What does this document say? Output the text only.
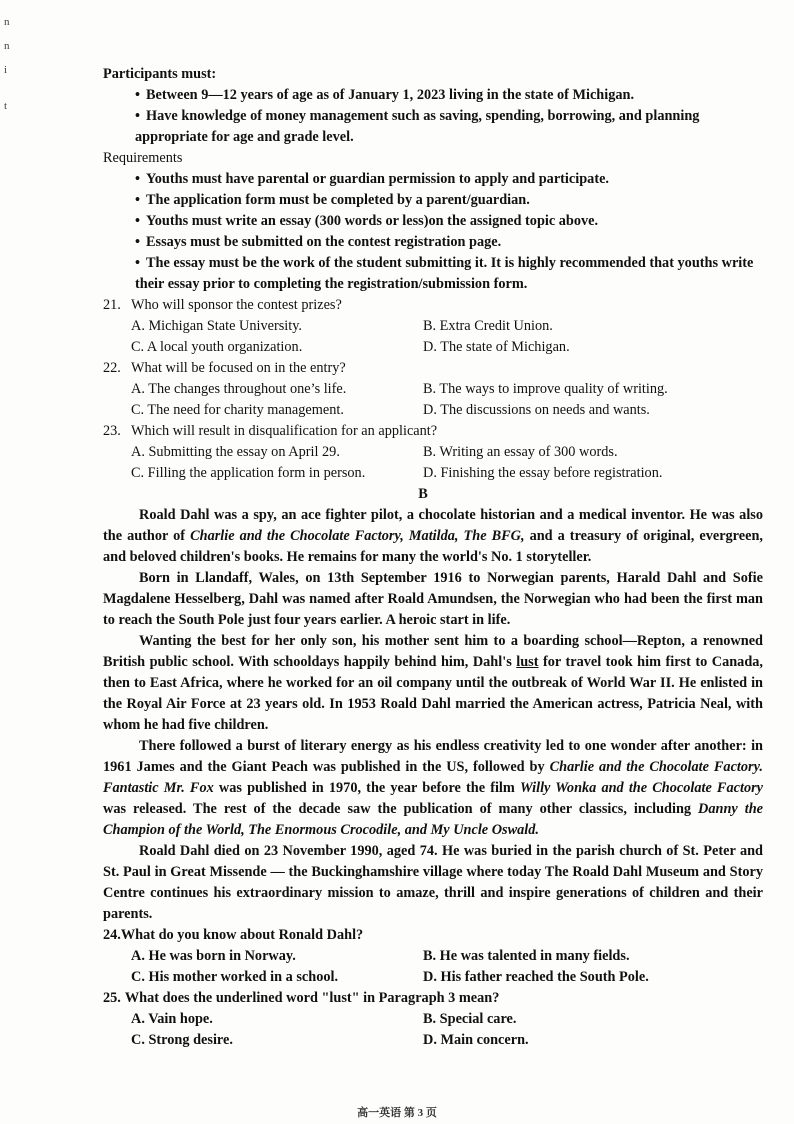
n
n
i
t

Participants must:

• Between 9—12 years of age as of January 1, 2023 living in the state of Michigan.

• Have knowledge of money management such as saving, spending, borrowing, and planning appropriate for age and grade level.

Requirements

• Youths must have parental or guardian permission to apply and participate.

• The application form must be completed by a parent/guardian.

• Youths must write an essay (300 words or less)on the assigned topic above.

• Essays must be submitted on the contest registration page.

• The essay must be the work of the student submitting it. It is highly recommended that youths write their essay prior to completing the registration/submission form.

21. Who will sponsor the contest prizes?
A. Michigan State University.	B. Extra Credit Union.
C. A local youth organization.	D. The state of Michigan.
22. What will be focused on in the entry?
A. The changes throughout one’s life.	B. The ways to improve quality of writing.
C. The need for charity management.	D. The discussions on needs and wants.
23. Which will result in disqualification for an applicant?
A. Submitting the essay on April 29.	B. Writing an essay of 300 words.
C. Filling the application form in person.	D. Finishing the essay before registration.

B

Roald Dahl was a spy, an ace fighter pilot, a chocolate historian and a medical inventor. He was also the author of Charlie and the Chocolate Factory, Matilda, The BFG, and a treasury of original, evergreen, and beloved children's books. He remains for many the world's No. 1 storyteller.

Born in Llandaff, Wales, on 13th September 1916 to Norwegian parents, Harald Dahl and Sofie Magdalene Hesselberg, Dahl was named after Roald Amundsen, the Norwegian who had been the first man to reach the South Pole just four years earlier. A heroic start in life.

Wanting the best for her only son, his mother sent him to a boarding school—Repton, a renowned British public school. With schooldays happily behind him, Dahl's lust for travel took him first to Canada, then to East Africa, where he worked for an oil company until the outbreak of World War II. He enlisted in the Royal Air Force at 23 years old. In 1953 Roald Dahl married the American actress, Patricia Neal, with whom he had five children.

There followed a burst of literary energy as his endless creativity led to one wonder after another: in 1961 James and the Giant Peach was published in the US, followed by Charlie and the Chocolate Factory. Fantastic Mr. Fox was published in 1970, the year before the film Willy Wonka and the Chocolate Factory was released. The rest of the decade saw the publication of many other classics, including Danny the Champion of the World, The Enormous Crocodile, and My Uncle Oswald.

Roald Dahl died on 23 November 1990, aged 74. He was buried in the parish church of St. Peter and St. Paul in Great Missende — the Buckinghamshire village where today The Roald Dahl Museum and Story Centre continues his extraordinary mission to amaze, thrill and inspire generations of children and their parents.

24. What do you know about Ronald Dahl?
A. He was born in Norway.	B. He was talented in many fields.
C. His mother worked in a school.	D. His father reached the South Pole.
25. What does the underlined word "lust" in Paragraph 3 mean?
A. Vain hope.	B. Special care.
C. Strong desire.	D. Main concern.
高一英语 第 3 页
